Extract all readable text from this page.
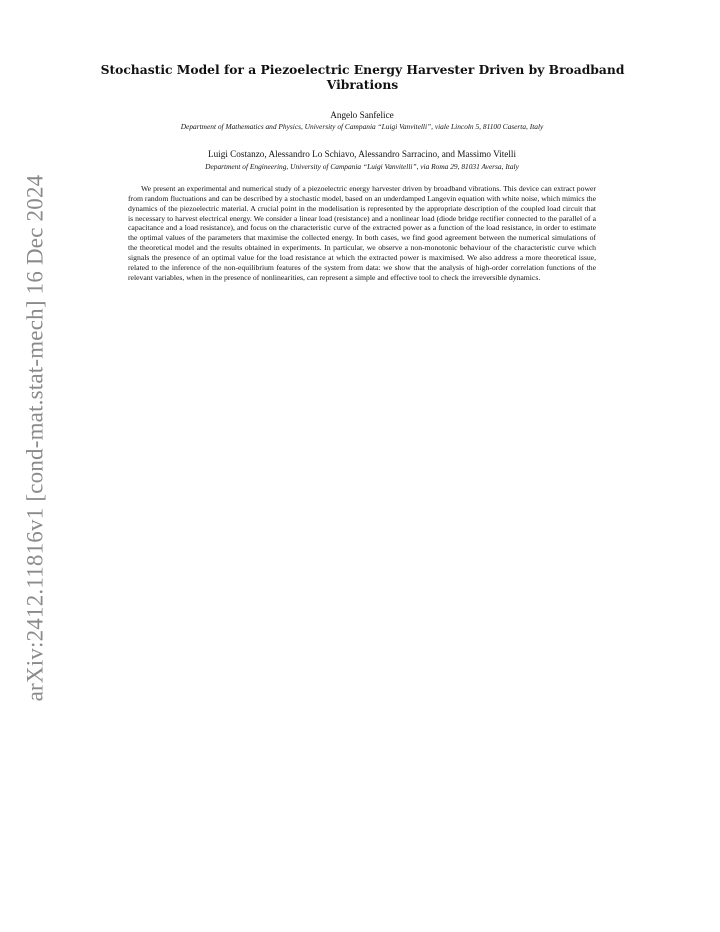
arXiv:2412.11816v1 [cond-mat.stat-mech] 16 Dec 2024
Stochastic Model for a Piezoelectric Energy Harvester Driven by Broadband Vibrations
Angelo Sanfelice
Department of Mathematics and Physics, University of Campania “Luigi Vanvitelli”, viale Lincoln 5, 81100 Caserta, Italy
Luigi Costanzo, Alessandro Lo Schiavo, Alessandro Sarracino, and Massimo Vitelli
Department of Engineering, University of Campania “Luigi Vanvitelli”, via Roma 29, 81031 Aversa, Italy

We present an experimental and numerical study of a piezoelectric energy harvester driven by broadband vibrations. This device can extract power from random fluctuations and can be described by a stochastic model, based on an underdamped Langevin equation with white noise, which mimics the dynamics of the piezoelectric material. A crucial point in the modelisation is represented by the appropriate description of the coupled load circuit that is necessary to harvest electrical energy. We consider a linear load (resistance) and a nonlinear load (diode bridge rectifier connected to the parallel of a capacitance and a load resistance), and focus on the characteristic curve of the extracted power as a function of the load resistance, in order to estimate the optimal values of the parameters that maximise the collected energy. In both cases, we find good agreement between the numerical simulations of the theoretical model and the results obtained in experiments. In particular, we observe a non-monotonic behaviour of the characteristic curve which signals the presence of an optimal value for the load resistance at which the extracted power is maximised. We also address a more theoretical issue, related to the inference of the non-equilibrium features of the system from data: we show that the analysis of high-order correlation functions of the relevant variables, when in the presence of nonlinearities, can represent a simple and effective tool to check the irreversible dynamics.
